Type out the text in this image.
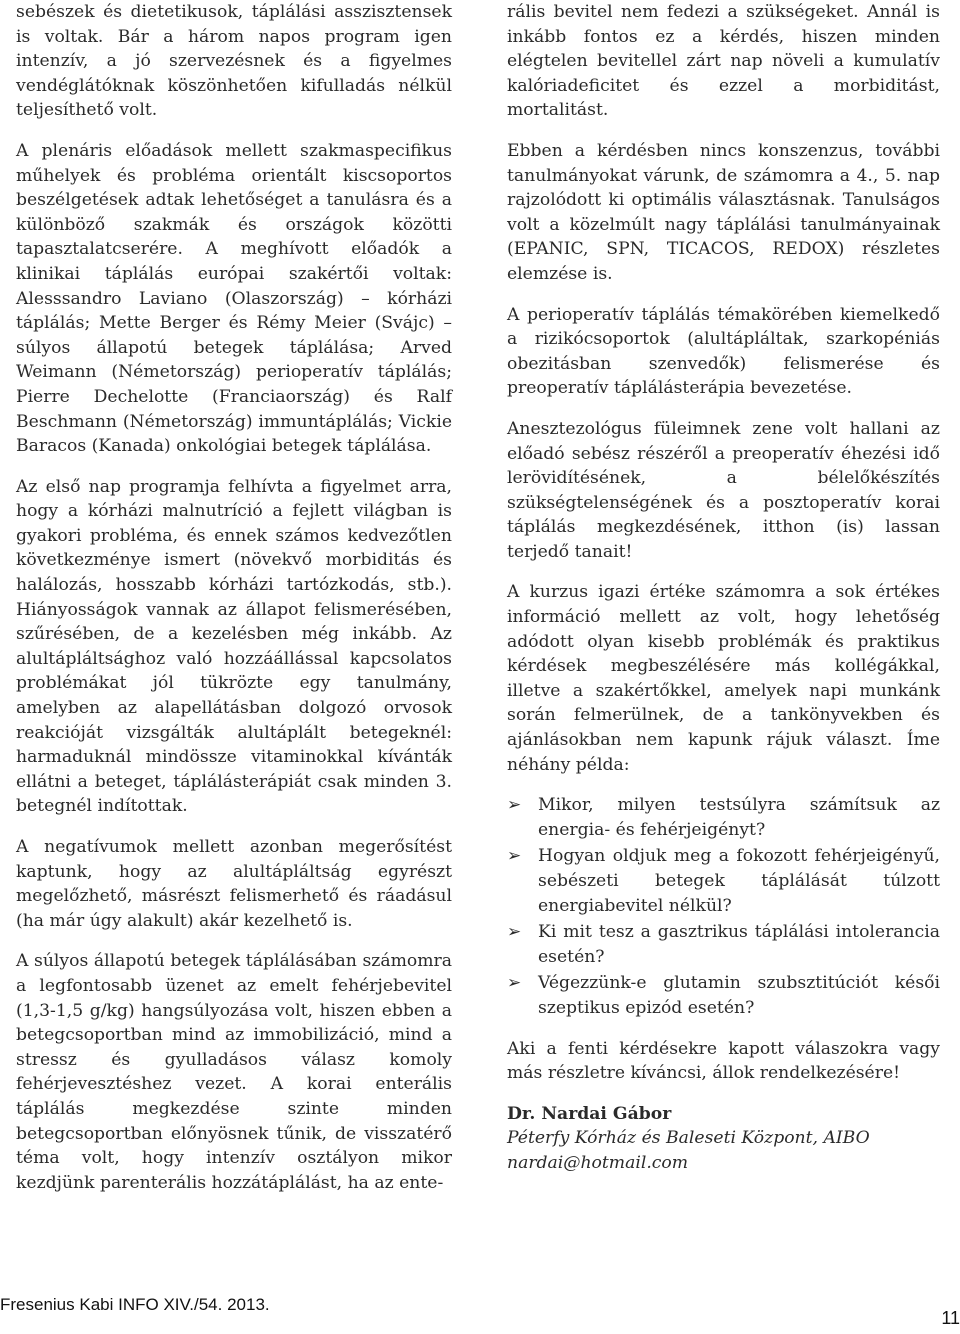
sebészek és dietetikusok, táplálási asszisztensek is voltak. Bár a három napos program igen intenzív, a jó szervezésnek és a figyelmes vendéglátóknak köszönhetően kifulladás nélkül teljesíthető volt.

A plenáris előadások mellett szakmaspecifikus műhelyek és probléma orientált kiscsoportos beszélgetések adtak lehetőséget a tanulásra és a különböző szakmák és országok közötti tapasztalatcserére. A meghívott előadók a klinikai táplálás európai szakértői voltak: Alesssandro Laviano (Olaszország) – kórházi táplálás; Mette Berger és Rémy Meier (Svájc) – súlyos állapotú betegek táplálása; Arved Weimann (Németország) perioperatív táplálás; Pierre Dechelotte (Franciaország) és Ralf Beschmann (Németország) immuntáplálás; Vickie Baracos (Kanada) onkológiai betegek táplálása.

Az első nap programja felhívta a figyelmet arra, hogy a kórházi malnutríció a fejlett világban is gyakori probléma, és ennek számos kedvezőtlen következménye ismert (növekvő morbiditás és halálozás, hosszabb kórházi tartózkodás, stb.). Hiányosságok vannak az állapot felismerésében, szűrésében, de a kezelésben még inkább. Az alultápláltsághoz való hozzáállással kapcsolatos problémákat jól tükrözte egy tanulmány, amelyben az alapellátásban dolgozó orvosok reakcióját vizsgálták alultáplált betegeknél: harmaduknál mindössze vitaminokkal kívánták ellátni a beteget, táplálásterápiát csak minden 3. betegnél indítottak.

A negatívumok mellett azonban megerősítést kaptunk, hogy az alultápláltság egyrészt megelőzhető, másrészt felismerhető és ráadásul (ha már úgy alakult) akár kezelhető is.

A súlyos állapotú betegek táplálásában számomra a legfontosabb üzenet az emelt fehérjebevitel (1,3-1,5 g/kg) hangsúlyozása volt, hiszen ebben a betegcsoportban mind az immobilizáció, mind a stressz és gyulladásos válasz komoly fehérjevesztéshez vezet. A korai enterális táplálás megkezdése szinte minden betegcsoportban előnyösnek tűnik, de visszatérő téma volt, hogy intenzív osztályon mikor kezdjünk parenterális hozzátáplálást, ha az ente-

rális bevitel nem fedezi a szükségeket. Annál is inkább fontos ez a kérdés, hiszen minden elégtelen bevitellel zárt nap növeli a kumulatív kalóriadeficitet és ezzel a morbiditást, mortalitást.

Ebben a kérdésben nincs konszenzus, további tanulmányokat várunk, de számomra a 4., 5. nap rajzolódott ki optimális választásnak. Tanulságos volt a közelmúlt nagy táplálási tanulmányainak (EPANIC, SPN, TICACOS, REDOX) részletes elemzése is.

A perioperatív táplálás témakörében kiemelkedő a rizikócsoportok (alultápláltak, szarkopéniás obezitásban szenvedők) felismerése és preoperatív táplálásterápia bevezetése.

Anesztezológus füleimnek zene volt hallani az előadó sebész részéről a preoperatív éhezési idő lerövidítésének, a bélelőkészítés szükségtelenségének és a posztoperatív korai táplálás megkezdésének, itthon (is) lassan terjedő tanait!

A kurzus igazi értéke számomra a sok értékes információ mellett az volt, hogy lehetőség adódott olyan kisebb problémák és praktikus kérdések megbeszélésére más kollégákkal, illetve a szakértőkkel, amelyek napi munkánk során felmerülnek, de a tankönyvekben és ajánlásokban nem kapunk rájuk választ. Íme néhány példa:

➢ Mikor, milyen testsúlyra számítsuk az energia- és fehérjeigényt?
➢ Hogyan oldjuk meg a fokozott fehérjeigényű, sebészeti betegek táplálását túlzott energiabevitel nélkül?
➢ Ki mit tesz a gasztrikus táplálási intolerancia esetén?
➢ Végezzünk-e glutamin szubsztitúciót késői szeptikus epizód esetén?

Aki a fenti kérdésekre kapott válaszokra vagy más részletre kíváncsi, állok rendelkezésére!

Dr. Nardai Gábor
Péterfy Kórház és Baleseti Központ, AIBO
nardai@hotmail.com
Fresenius Kabi INFO XIV./54. 2013.
11
